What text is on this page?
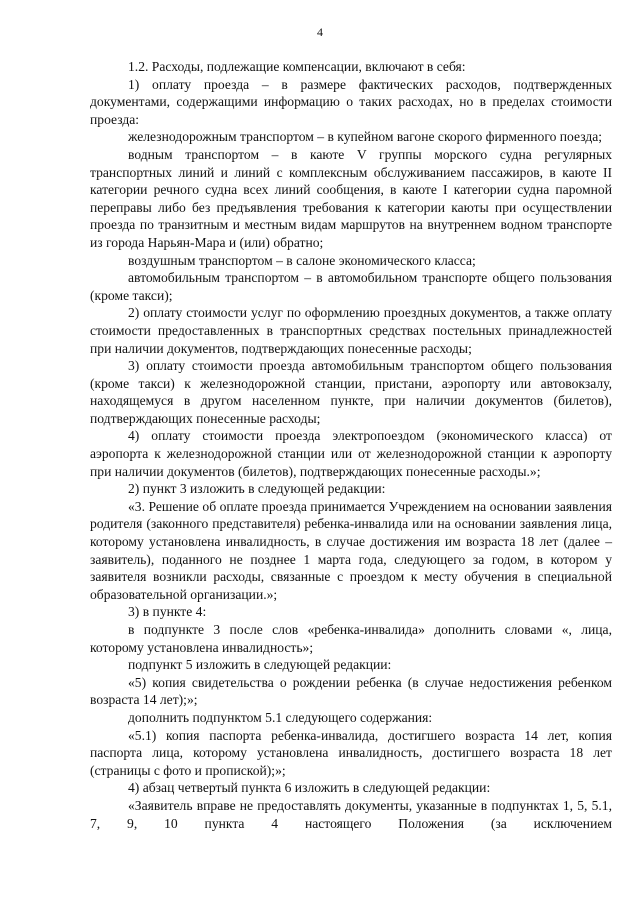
4

1.2. Расходы, подлежащие компенсации, включают в себя:

1) оплату проезда – в размере фактических расходов, подтвержденных документами, содержащими информацию о таких расходах, но в пределах стоимости проезда:

железнодорожным транспортом – в купейном вагоне скорого фирменного поезда;

водным транспортом – в каюте V группы морского судна регулярных транспортных линий и линий с комплексным обслуживанием пассажиров, в каюте II категории речного судна всех линий сообщения, в каюте I категории судна паромной переправы либо без предъявления требования к категории каюты при осуществлении проезда по транзитным и местным видам маршрутов на внутреннем водном транспорте из города Нарьян-Мара и (или) обратно;

воздушным транспортом – в салоне экономического класса;

автомобильным транспортом – в автомобильном транспорте общего пользования (кроме такси);

2) оплату стоимости услуг по оформлению проездных документов, а также оплату стоимости предоставленных в транспортных средствах постельных принадлежностей при наличии документов, подтверждающих понесенные расходы;

3) оплату стоимости проезда автомобильным транспортом общего пользования (кроме такси) к железнодорожной станции, пристани, аэропорту или автовокзалу, находящемуся в другом населенном пункте, при наличии документов (билетов), подтверждающих понесенные расходы;

4) оплату стоимости проезда электропоездом (экономического класса) от аэропорта к железнодорожной станции или от железнодорожной станции к аэропорту при наличии документов (билетов), подтверждающих понесенные расходы.»;

2) пункт 3 изложить в следующей редакции:

«3. Решение об оплате проезда принимается Учреждением на основании заявления родителя (законного представителя) ребенка-инвалида или на основании заявления лица, которому установлена инвалидность, в случае достижения им возраста 18 лет (далее – заявитель), поданного не позднее 1 марта года, следующего за годом, в котором у заявителя возникли расходы, связанные с проездом к месту обучения в специальной образовательной организации.»;

3) в пункте 4:

в подпункте 3 после слов «ребенка-инвалида» дополнить словами «, лица, которому установлена инвалидность»;

подпункт 5 изложить в следующей редакции:

«5) копия свидетельства о рождении ребенка (в случае недостижения ребенком возраста 14 лет);»;

дополнить подпунктом 5.1 следующего содержания:

«5.1) копия паспорта ребенка-инвалида, достигшего возраста 14 лет, копия паспорта лица, которому установлена инвалидность, достигшего возраста 18 лет (страницы с фото и пропиской);»;

4) абзац четвертый пункта 6 изложить в следующей редакции:

«Заявитель вправе не предоставлять документы, указанные в подпунктах 1, 5, 5.1, 7, 9, 10 пункта 4 настоящего Положения (за исключением
